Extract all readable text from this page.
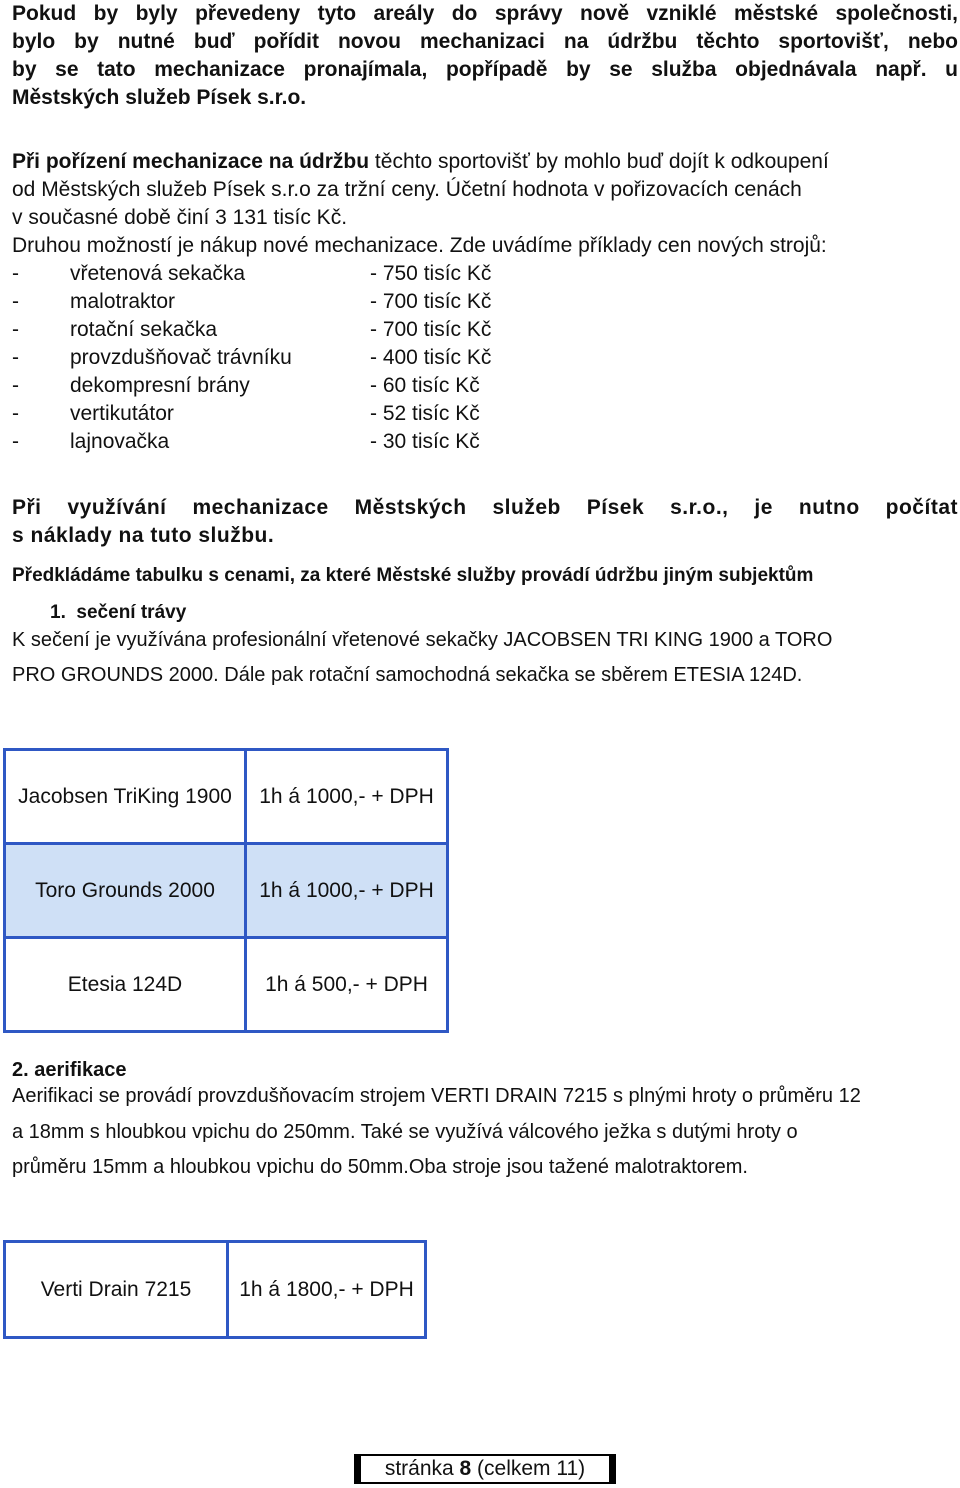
Pokud by byly převedeny tyto areály do správy nově vzniklé městské společnosti,
bylo by nutné buď pořídit novou mechanizaci na údržbu těchto sportovišť, nebo
by se tato mechanizace pronajímala, popřípadě by se služba objednávala např. u
Městských služeb Písek s.r.o.
Při pořízení mechanizace na údržbu těchto sportovišť by mohlo buď dojít k odkoupení
od Městských služeb Písek s.r.o za tržní ceny. Účetní hodnota v pořizovacích cenách
v současné době činí 3 131 tisíc Kč.
Druhou možností je nákup nové mechanizace. Zde uvádíme příklady cen nových strojů:
- vřetenová sekačka	- 750 tisíc Kč
- malotraktor	- 700 tisíc Kč
- rotační sekačka	- 700 tisíc Kč
- provzdušňovač trávníku	- 400 tisíc Kč
- dekompresní brány	- 60 tisíc Kč
- vertikutátor	- 52 tisíc Kč
- lajnovačka	- 30 tisíc Kč
Při využívání mechanizace Městských služeb Písek s.r.o., je nutno počítat
s náklady na tuto službu.
Předkládáme tabulku s cenami, za které Městské služby provádí údržbu jiným subjektům
1. sečení trávy
K sečení je využívána profesionální vřetenové sekačky JACOBSEN TRI KING 1900 a TORO
PRO GROUNDS 2000. Dále pak rotační samochodná sekačka se sběrem ETESIA 124D.
Jacobsen TriKing 1900	1h á 1000,- + DPH
Toro Grounds 2000	1h á 1000,- + DPH
Etesia 124D	1h á 500,- + DPH
2. aerifikace
Aerifikaci se provádí provzdušňovacím strojem VERTI DRAIN 7215 s plnými hroty o průměru 12
a 18mm s hloubkou vpichu do 250mm. Také se využívá válcového ježka s dutými hroty o
průměru 15mm a hloubkou vpichu do 50mm.Oba stroje jsou tažené malotraktorem.
Verti Drain 7215	1h á 1800,- + DPH
stránka 8 (celkem 11)
